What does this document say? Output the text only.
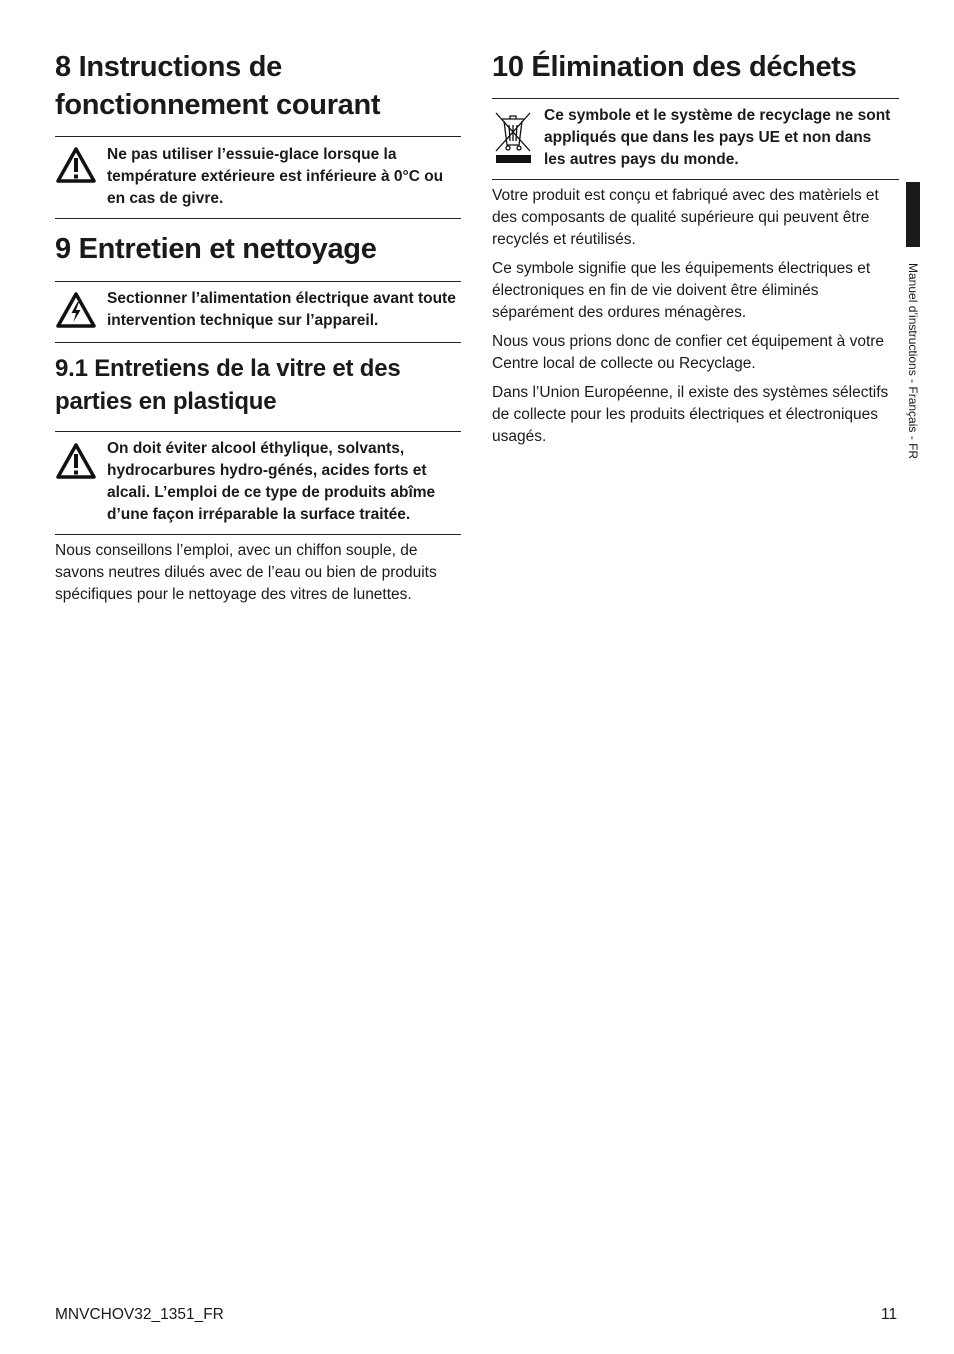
8 Instructions de fonctionnement courant

Ne pas utiliser l’essuie-glace lorsque la température extérieure est inférieure à 0°C ou en cas de givre.

9 Entretien et nettoyage

Sectionner l’alimentation électrique avant toute intervention technique sur l’appareil.

9.1 Entretiens de la vitre et des parties en plastique

On doit éviter alcool éthylique, solvants, hydrocarbures hydro-génés, acides forts et alcali. L’emploi de ce type de produits abîme d’une façon irréparable la surface traitée.

Nous conseillons l’emploi, avec un chiffon souple, de savons neutres dilués avec de l’eau ou bien de produits spécifiques pour le nettoyage des vitres de lunettes.

10 Élimination des déchets

Ce symbole et le système de recyclage ne sont appliqués que dans les pays UE et non dans les autres pays du monde.

Votre produit est conçu et fabriqué avec des matèriels et des composants de qualité supérieure qui peuvent être recyclés et réutilisés.

Ce symbole signifie que les équipements électriques et électroniques en fin de vie doivent être éliminés séparément des ordures ménagères.

Nous vous prions donc de confier cet équipement à votre Centre local de collecte ou Recyclage.

Dans l’Union Européenne, il existe des systèmes sélectifs de collecte pour les produits électriques et électroniques usagés.	Manuel d’instructions - Français - FR
MNVCHOV32_1351_FR	11
